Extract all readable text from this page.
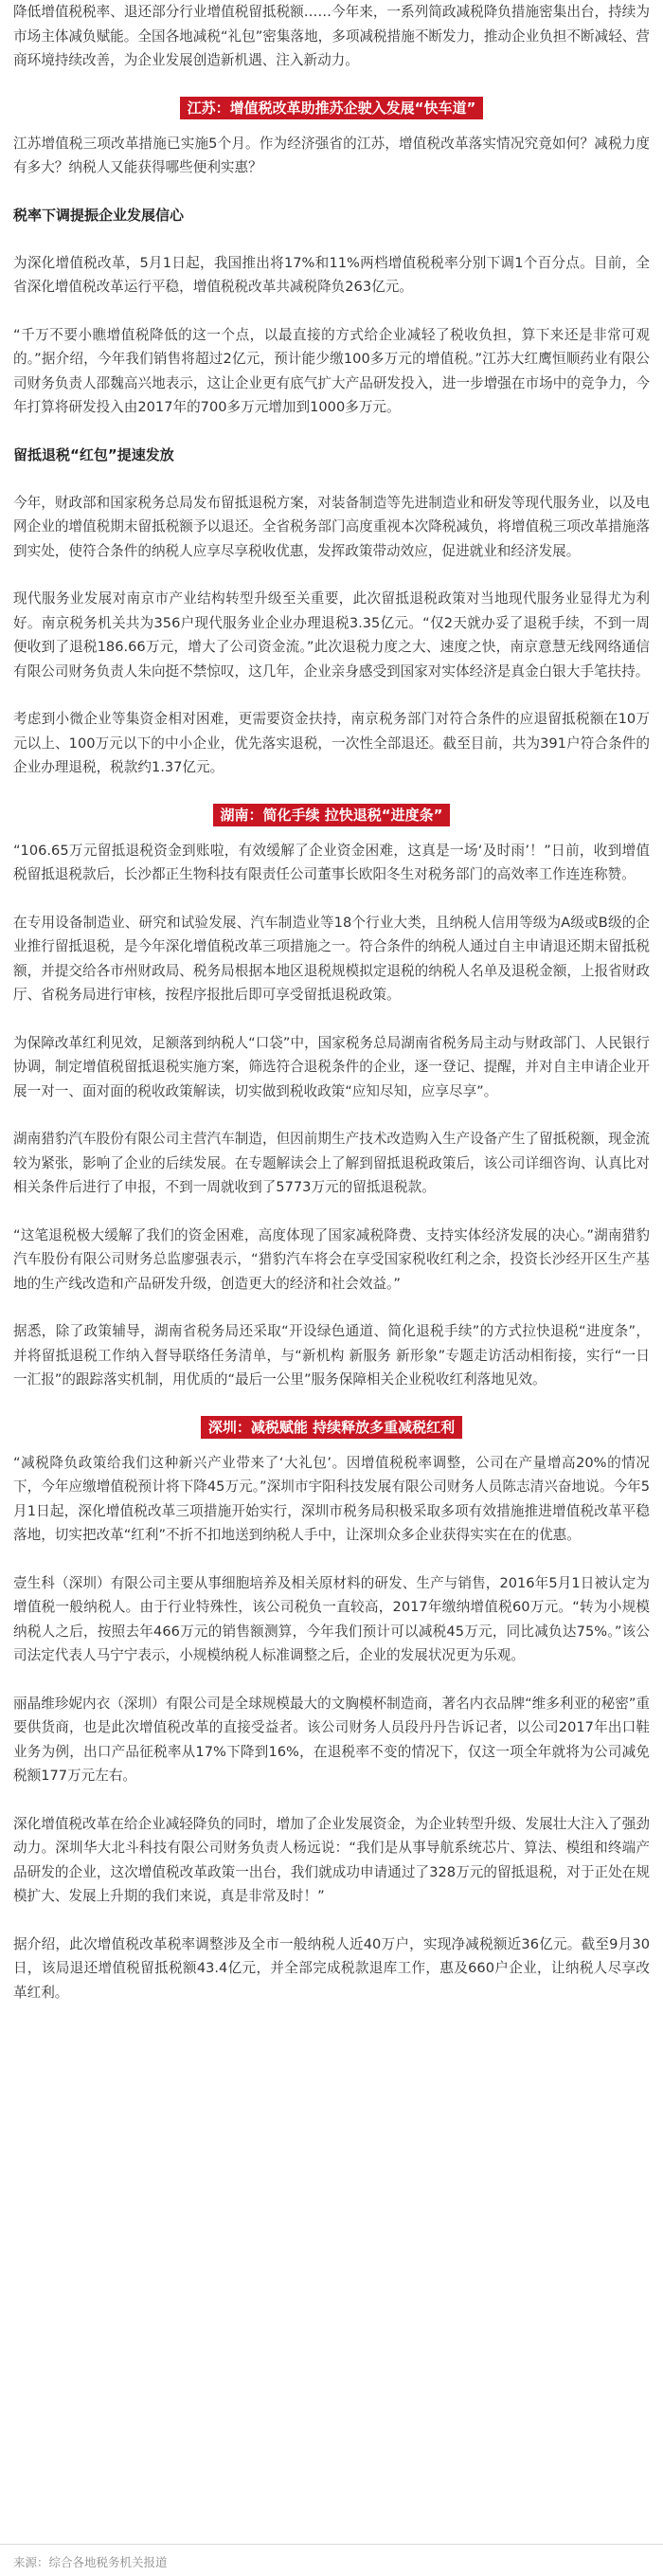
降低增值税税率、退还部分行业增值税留抵税额……今年来，一系列简政减税降负措施密集出台，持续为市场主体减负赋能。全国各地减税“礼包”密集落地，多项减税措施不断发力，推动企业负担不断减轻、营商环境持续改善，为企业发展创造新机遇、注入新动力。

江苏：增值税改革助推苏企驶入发展“快车道”

江苏增值税三项改革措施已实施5个月。作为经济强省的江苏，增值税改革落实情况究竟如何？减税力度有多大？纳税人又能获得哪些便利实惠？

税率下调提振企业发展信心

为深化增值税改革，5月1日起，我国推出将17%和11%两档增值税税率分别下调1个百分点。目前，全省深化增值税改革运行平稳，增值税税改革共减税降负263亿元。

“千万不要小瞧增值税降低的这一个点，以最直接的方式给企业减轻了税收负担，算下来还是非常可观的。”据介绍，今年我们销售将超过2亿元，预计能少缴100多万元的增值税。”江苏大红鹰恒顺药业有限公司财务负责人邵魏高兴地表示，这让企业更有底气扩大产品研发投入，进一步增强在市场中的竞争力，今年打算将研发投入由2017年的700多万元增加到1000多万元。

留抵退税“红包”提速发放

今年，财政部和国家税务总局发布留抵退税方案，对装备制造等先进制造业和研发等现代服务业，以及电网企业的增值税期末留抵税额予以退还。全省税务部门高度重视本次降税减负，将增值税三项改革措施落到实处，使符合条件的纳税人应享尽享税收优惠，发挥政策带动效应，促进就业和经济发展。

现代服务业发展对南京市产业结构转型升级至关重要，此次留抵退税政策对当地现代服务业显得尤为利好。南京税务机关共为356户现代服务业企业办理退税3.35亿元。“仅2天就办妥了退税手续，不到一周便收到了退税186.66万元，增大了公司资金流。”此次退税力度之大、速度之快，南京意慧无线网络通信有限公司财务负责人朱向挺不禁惊叹，这几年，企业亲身感受到国家对实体经济是真金白银大手笔扶持。

考虑到小微企业等集资金相对困难，更需要资金扶持，南京税务部门对符合条件的应退留抵税额在10万元以上、100万元以下的中小企业，优先落实退税，一次性全部退还。截至目前，共为391户符合条件的企业办理退税，税款约1.37亿元。

湖南：简化手续 拉快退税“进度条”

“106.65万元留抵退税资金到账啦，有效缓解了企业资金困难，这真是一场‘及时雨’！”日前，收到增值税留抵退税款后，长沙都正生物科技有限责任公司董事长欧阳冬生对税务部门的高效率工作连连称赞。

在专用设备制造业、研究和试验发展、汽车制造业等18个行业大类，且纳税人信用等级为A级或B级的企业推行留抵退税，是今年深化增值税改革三项措施之一。符合条件的纳税人通过自主申请退还期末留抵税额，并提交给各市州财政局、税务局根据本地区退税规模拟定退税的纳税人名单及退税金额，上报省财政厅、省税务局进行审核，按程序报批后即可享受留抵退税政策。

为保障改革红利见效，足额落到纳税人“口袋”中，国家税务总局湖南省税务局主动与财政部门、人民银行协调，制定增值税留抵退税实施方案，筛选符合退税条件的企业，逐一登记、提醒，并对自主申请企业开展一对一、面对面的税收政策解读，切实做到税收政策“应知尽知，应享尽享”。

湖南猎豹汽车股份有限公司主营汽车制造，但因前期生产技术改造购入生产设备产生了留抵税额，现金流较为紧张，影响了企业的后续发展。在专题解读会上了解到留抵退税政策后，该公司详细咨询、认真比对相关条件后进行了申报，不到一周就收到了5773万元的留抵退税款。

“这笔退税极大缓解了我们的资金困难，高度体现了国家减税降费、支持实体经济发展的决心。”湖南猎豹汽车股份有限公司财务总监廖强表示，“猎豹汽车将会在享受国家税收红利之余，投资长沙经开区生产基地的生产线改造和产品研发升级，创造更大的经济和社会效益。”

据悉，除了政策辅导，湖南省税务局还采取“开设绿色通道、简化退税手续”的方式拉快退税“进度条”，并将留抵退税工作纳入督导联络任务清单，与“新机构 新服务 新形象”专题走访活动相衔接，实行“一日一汇报”的跟踪落实机制，用优质的“最后一公里”服务保障相关企业税收红利落地见效。

深圳：减税赋能 持续释放多重减税红利

“减税降负政策给我们这种新兴产业带来了‘大礼包’。因增值税税率调整，公司在产量增高20%的情况下，今年应缴增值税预计将下降45万元。”深圳市宇阳科技发展有限公司财务人员陈志清兴奋地说。今年5月1日起，深化增值税改革三项措施开始实行，深圳市税务局积极采取多项有效措施推进增值税改革平稳落地，切实把改革“红利”不折不扣地送到纳税人手中，让深圳众多企业获得实实在在的优惠。

壹生科（深圳）有限公司主要从事细胞培养及相关原材料的研发、生产与销售，2016年5月1日被认定为增值税一般纳税人。由于行业特殊性，该公司税负一直较高，2017年缴纳增值税60万元。“转为小规模纳税人之后，按照去年466万元的销售额测算，今年我们预计可以减税45万元，同比减负达75%。”该公司法定代表人马宁宁表示，小规模纳税人标准调整之后，企业的发展状况更为乐观。

丽晶维珍妮内衣（深圳）有限公司是全球规模最大的文胸模杯制造商，著名内衣品牌“维多利亚的秘密”重要供货商，也是此次增值税改革的直接受益者。该公司财务人员段丹丹告诉记者，以公司2017年出口鞋业务为例，出口产品征税率从17%下降到16%，在退税率不变的情况下，仅这一项全年就将为公司减免税额177万元左右。

深化增值税改革在给企业减轻降负的同时，增加了企业发展资金，为企业转型升级、发展壮大注入了强劲动力。深圳华大北斗科技有限公司财务负责人杨远说：“我们是从事导航系统芯片、算法、模组和终端产品研发的企业，这次增值税改革政策一出台，我们就成功申请通过了328万元的留抵退税，对于正处在规模扩大、发展上升期的我们来说，真是非常及时！”

据介绍，此次增值税改革税率调整涉及全市一般纳税人近40万户，实现净减税额近36亿元。截至9月30日，该局退还增值税留抵税额43.4亿元，并全部完成税款退库工作，惠及660户企业，让纳税人尽享改革红利。

来源：综合各地税务机关报道
